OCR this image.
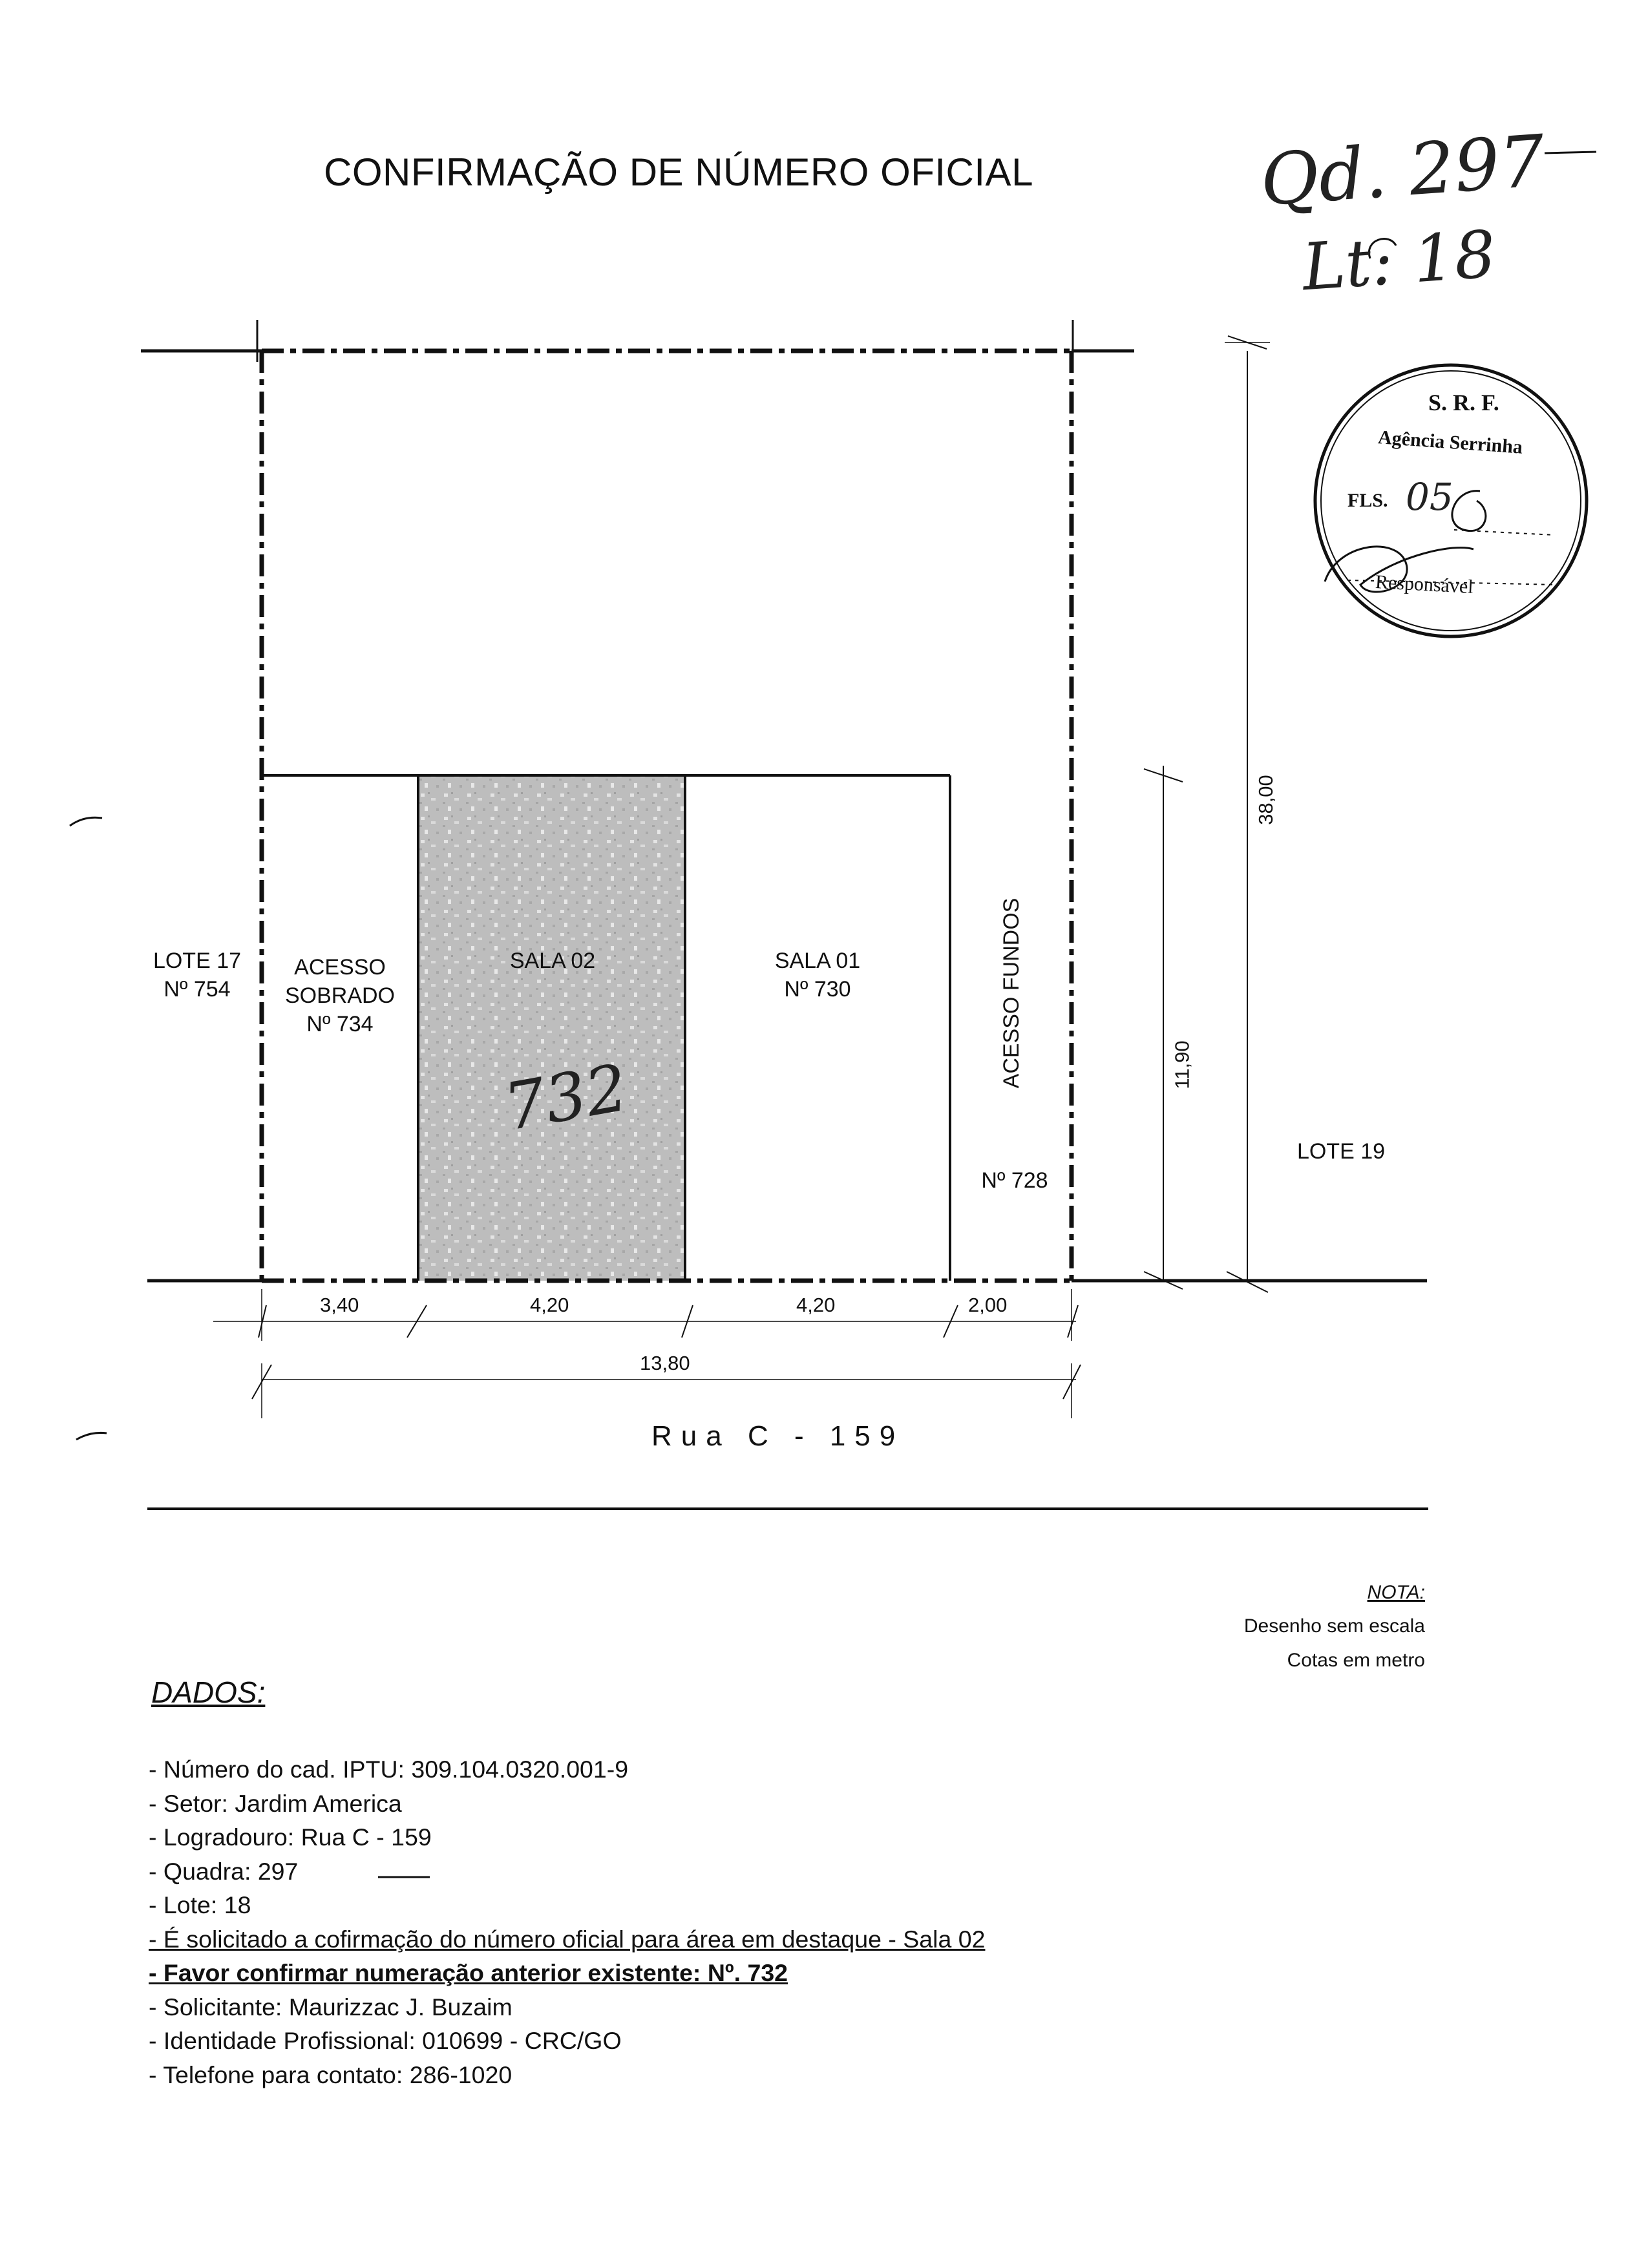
CONFIRMAÇÃO DE NÚMERO OFICIAL	Qd. 297
Lt: 18
S. R. F.
Agência Serrinha
FLS. 05
Responsável
LOTE 17
Nº 754
ACESSO
SOBRADO
Nº 734
SALA 02
732
SALA 01
Nº 730	ACESSO FUNDOS
Nº 728
LOTE 19
38,00
11,90
3,40	4,20	4,20	2,00
13,80
Rua C - 159
NOTA:
Desenho sem escala
Cotas em metro
DADOS:
- Número do cad. IPTU: 309.104.0320.001-9
- Setor: Jardim America
- Logradouro: Rua C - 159
- Quadra: 297
- Lote: 18
- É solicitado a cofirmação do número oficial para área em destaque - Sala 02
- Favor confirmar numeração anterior existente: Nº. 732
- Solicitante: Maurizzac J. Buzaim
- Identidade Profissional: 010699 - CRC/GO
- Telefone para contato: 286-1020
